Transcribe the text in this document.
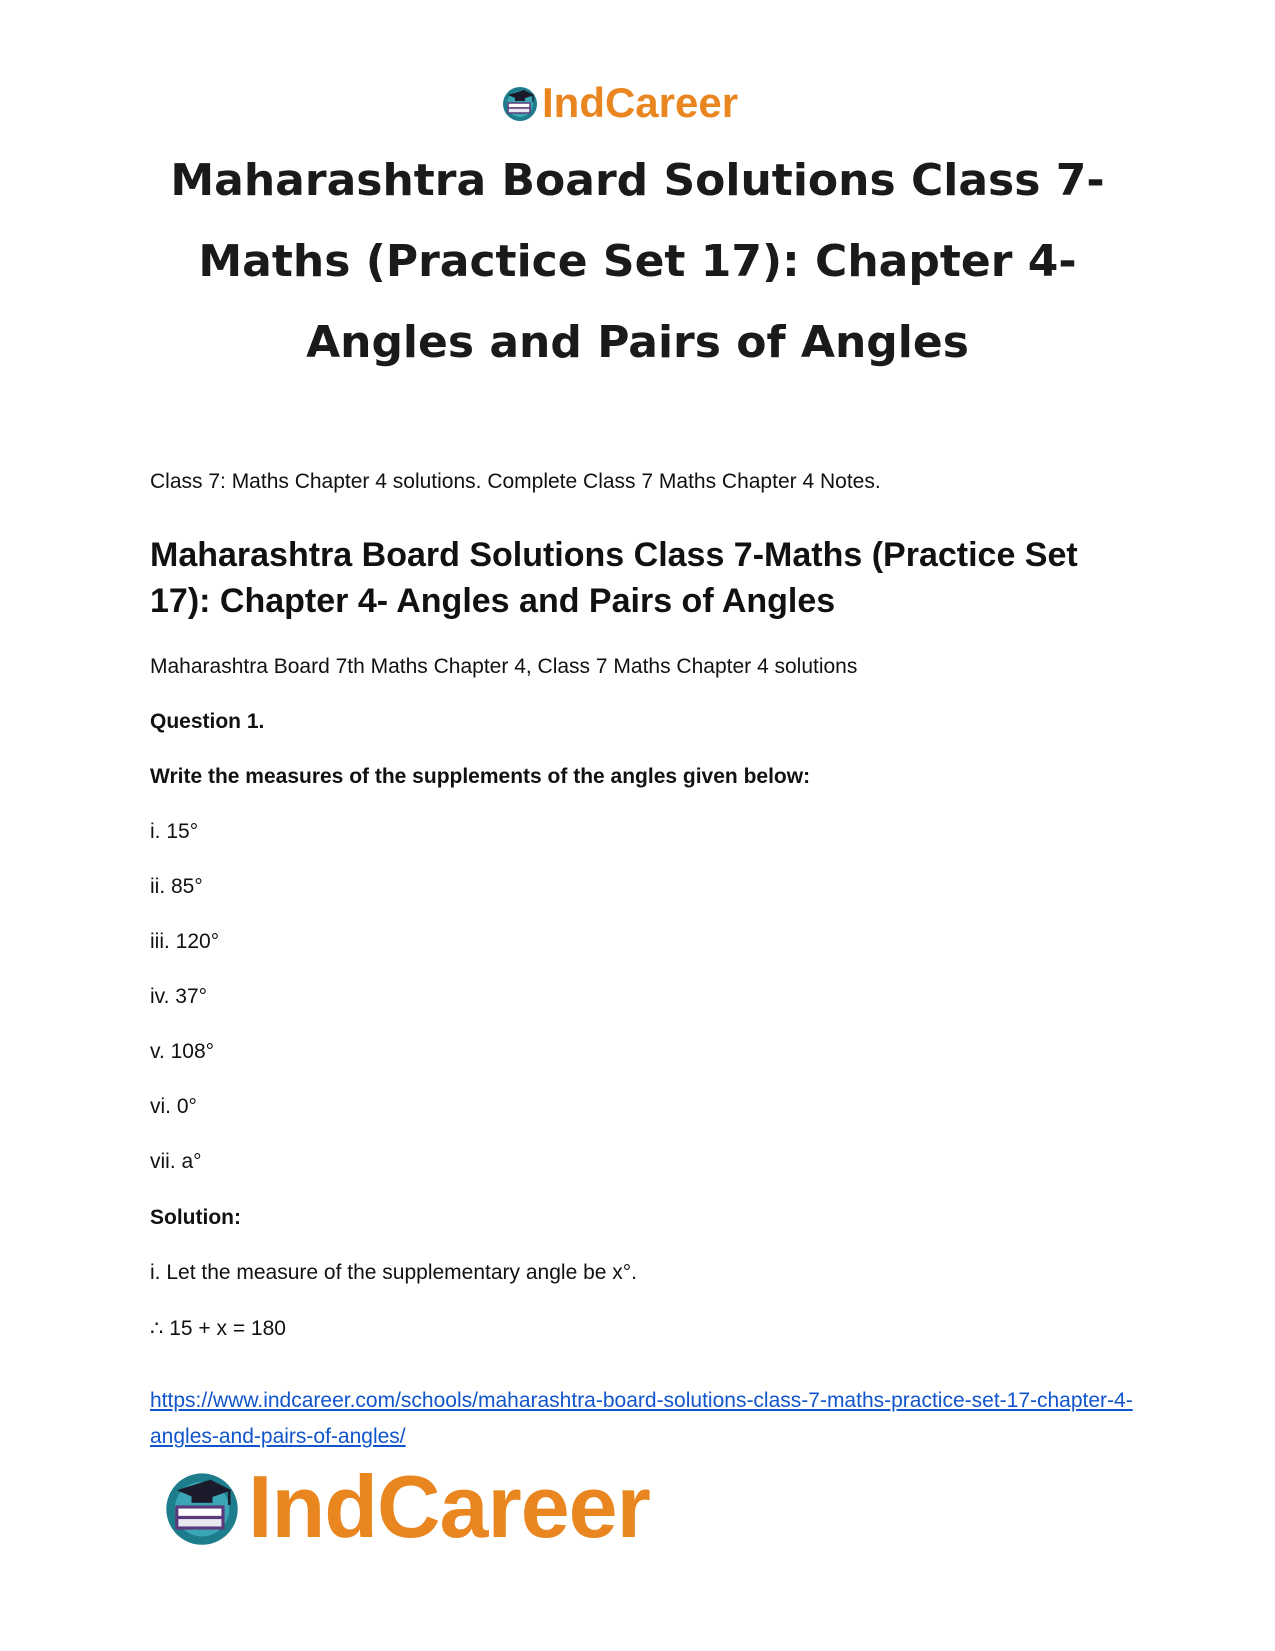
IndCareer
Maharashtra Board Solutions Class 7-Maths (Practice Set 17): Chapter 4- Angles and Pairs of Angles

Class 7: Maths Chapter 4 solutions. Complete Class 7 Maths Chapter 4 Notes.

Maharashtra Board Solutions Class 7-Maths (Practice Set 17): Chapter 4- Angles and Pairs of Angles

Maharashtra Board 7th Maths Chapter 4, Class 7 Maths Chapter 4 solutions

Question 1.

Write the measures of the supplements of the angles given below:

i. 15°

ii. 85°

iii. 120°

iv. 37°

v. 108°

vi. 0°

vii. a°

Solution:

i. Let the measure of the supplementary angle be x°.

∴ 15 + x = 180

https://www.indcareer.com/schools/maharashtra-board-solutions-class-7-maths-practice-set-17-chapter-4-angles-and-pairs-of-angles/
IndCareer
